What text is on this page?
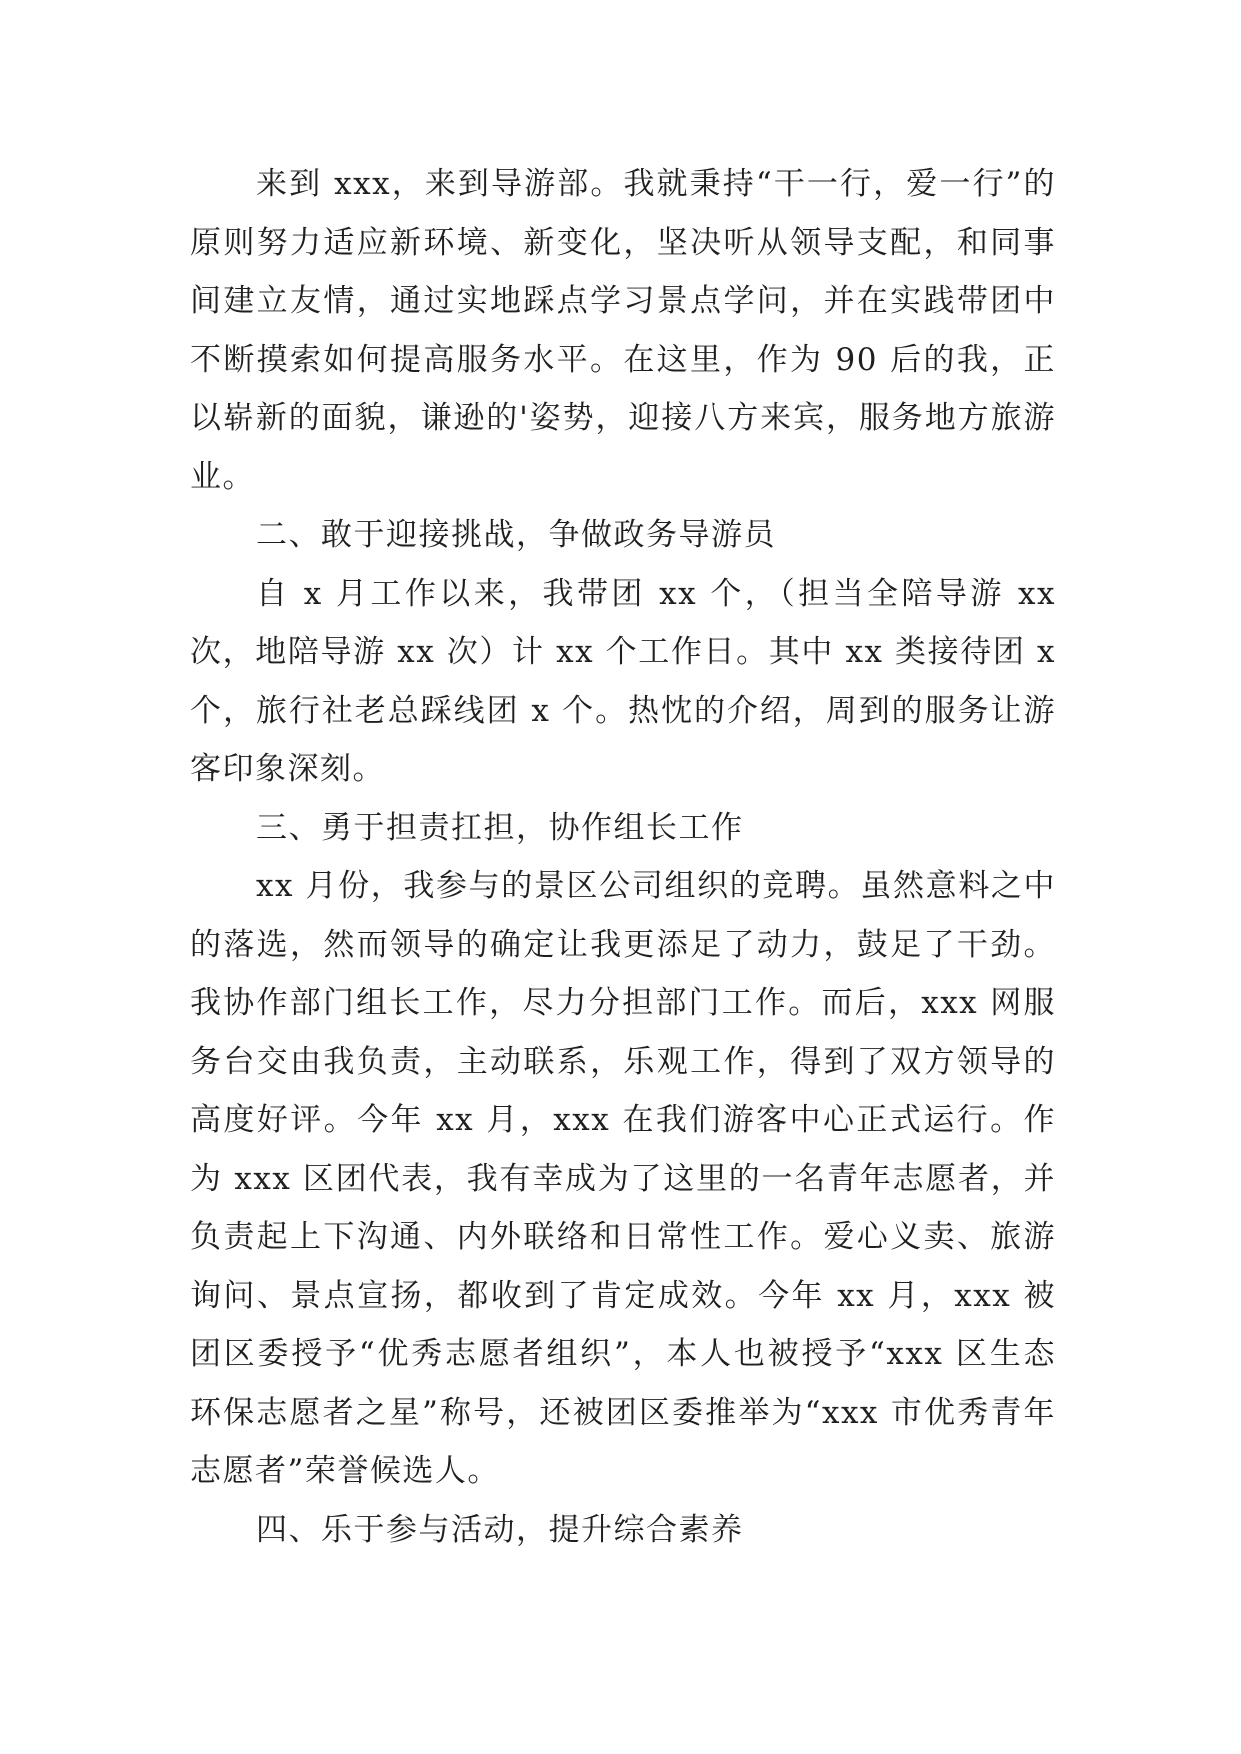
来到 xxx，来到导游部。我就秉持“干一行，爱一行”的原则努力适应新环境、新变化，坚决听从领导支配，和同事间建立友情，通过实地踩点学习景点学问，并在实践带团中不断摸索如何提高服务水平。在这里，作为 90 后的我，正以崭新的面貌，谦逊的'姿势，迎接八方来宾，服务地方旅游业。

二、敢于迎接挑战，争做政务导游员

自 x 月工作以来，我带团 xx 个，（担当全陪导游 xx 次，地陪导游 xx 次）计 xx 个工作日。其中 xx 类接待团 x 个，旅行社老总踩线团 x 个。热忱的介绍，周到的服务让游客印象深刻。

三、勇于担责扛担，协作组长工作

xx 月份，我参与的景区公司组织的竞聘。虽然意料之中的落选，然而领导的确定让我更添足了动力，鼓足了干劲。我协作部门组长工作，尽力分担部门工作。而后，xxx 网服务台交由我负责，主动联系，乐观工作，得到了双方领导的高度好评。今年 xx 月，xxx 在我们游客中心正式运行。作为 xxx 区团代表，我有幸成为了这里的一名青年志愿者，并负责起上下沟通、内外联络和日常性工作。爱心义卖、旅游询问、景点宣扬，都收到了肯定成效。今年 xx 月，xxx 被团区委授予“优秀志愿者组织”，本人也被授予“xxx 区生态环保志愿者之星”称号，还被团区委推举为“xxx 市优秀青年志愿者”荣誉候选人。

四、乐于参与活动，提升综合素养
